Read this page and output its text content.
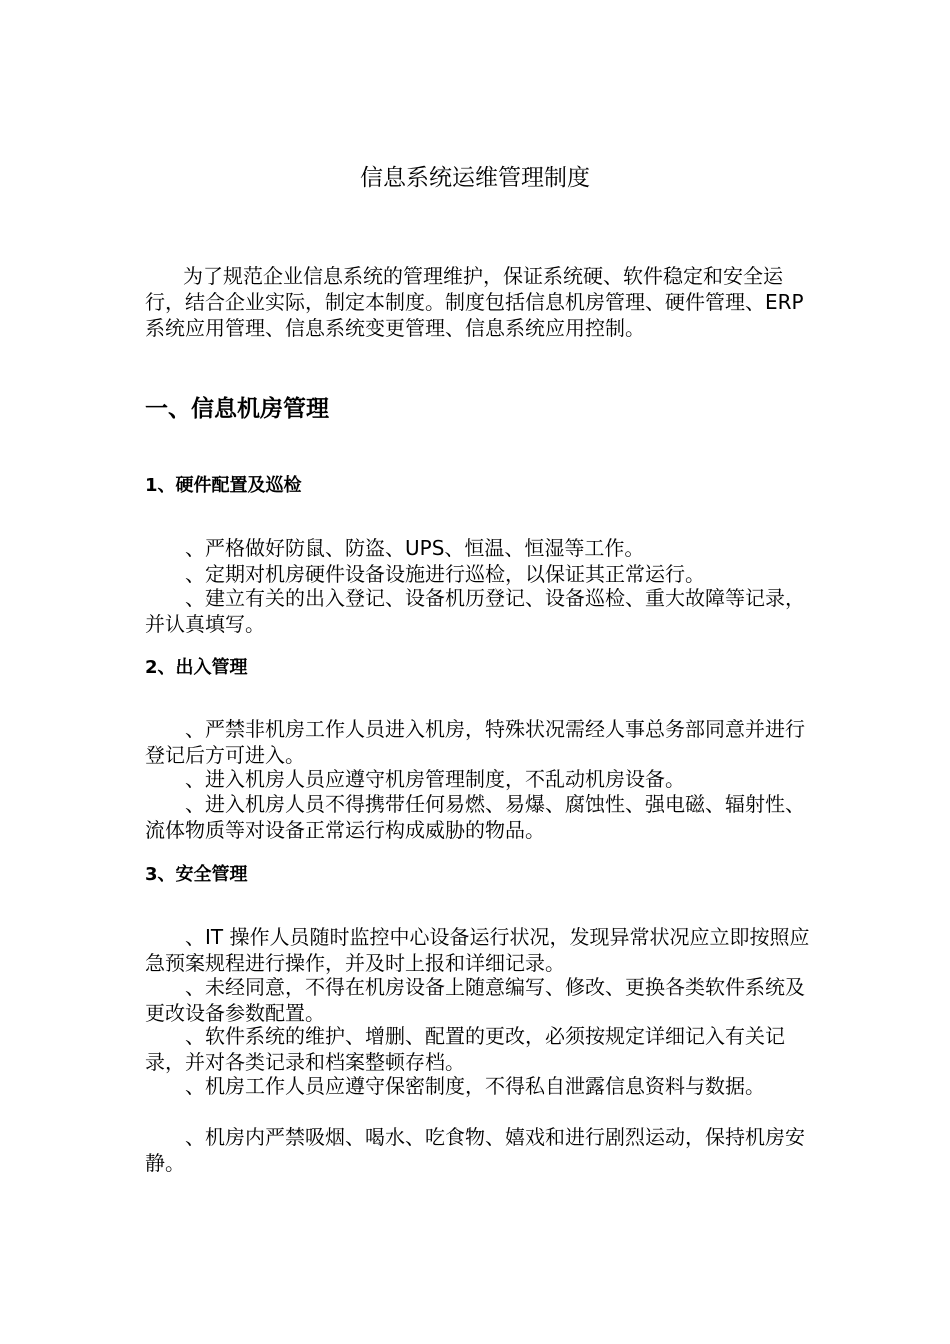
信息系统运维管理制度

为了规范企业信息系统的管理维护，保证系统硬、软件稳定和安全运行，结合企业实际，制定本制度。制度包括信息机房管理、硬件管理、ERP 系统应用管理、信息系统变更管理、信息系统应用控制。

一、信息机房管理
1、硬件配置及巡检

、严格做好防鼠、防盗、UPS、恒温、恒湿等工作。

、定期对机房硬件设备设施进行巡检，以保证其正常运行。

、建立有关的出入登记、设备机历登记、设备巡检、重大故障等记录，并认真填写。

2、出入管理

、严禁非机房工作人员进入机房，特殊状况需经人事总务部同意并进行登记后方可进入。

、进入机房人员应遵守机房管理制度，不乱动机房设备。

、进入机房人员不得携带任何易燃、易爆、腐蚀性、强电磁、辐射性、流体物质等对设备正常运行构成威胁的物品。

3、安全管理

、IT 操作人员随时监控中心设备运行状况，发现异常状况应立即按照应急预案规程进行操作，并及时上报和详细记录。

、未经同意，不得在机房设备上随意编写、修改、更换各类软件系统及更改设备参数配置。

、软件系统的维护、增删、配置的更改，必须按规定详细记入有关记录，并对各类记录和档案整顿存档。

、机房工作人员应遵守保密制度，不得私自泄露信息资料与数据。

、机房内严禁吸烟、喝水、吃食物、嬉戏和进行剧烈运动，保持机房安静。
